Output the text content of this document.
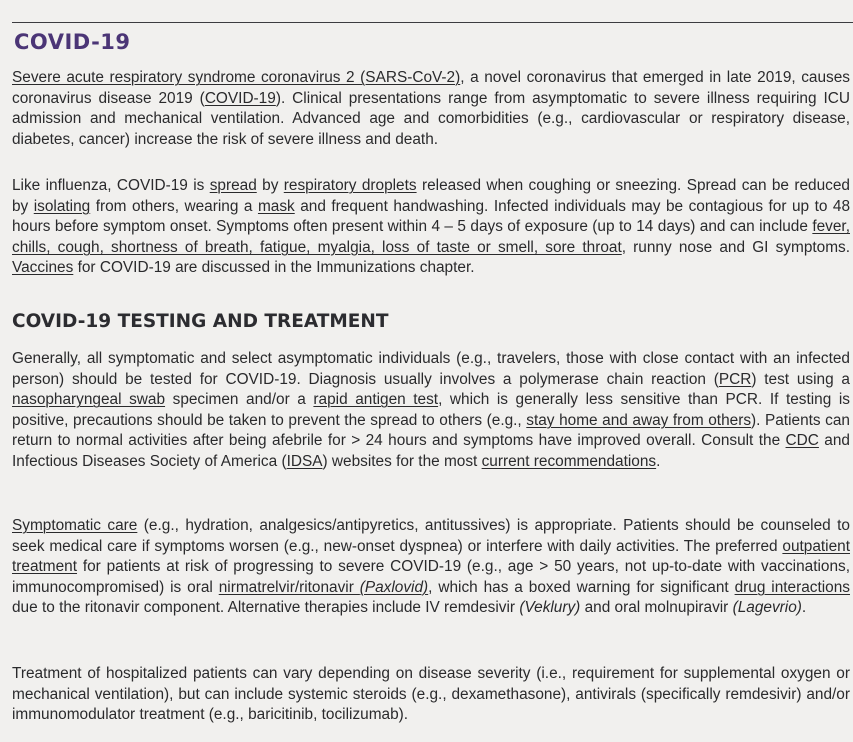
COVID-19

Severe acute respiratory syndrome coronavirus 2 (SARS-CoV-2), a novel coronavirus that emerged in late 2019, causes coronavirus disease 2019 (COVID-19). Clinical presentations range from asymptomatic to severe illness requiring ICU admission and mechanical ventilation. Advanced age and comorbidities (e.g., cardiovascular or respiratory disease, diabetes, cancer) increase the risk of severe illness and death.

Like influenza, COVID-19 is spread by respiratory droplets released when coughing or sneezing. Spread can be reduced by isolating from others, wearing a mask and frequent handwashing. Infected individuals may be contagious for up to 48 hours before symptom onset. Symptoms often present within 4 – 5 days of exposure (up to 14 days) and can include fever, chills, cough, shortness of breath, fatigue, myalgia, loss of taste or smell, sore throat, runny nose and GI symptoms. Vaccines for COVID-19 are discussed in the Immunizations chapter.

COVID-19 TESTING AND TREATMENT

Generally, all symptomatic and select asymptomatic individuals (e.g., travelers, those with close contact with an infected person) should be tested for COVID-19. Diagnosis usually involves a polymerase chain reaction (PCR) test using a nasopharyngeal swab specimen and/or a rapid antigen test, which is generally less sensitive than PCR. If testing is positive, precautions should be taken to prevent the spread to others (e.g., stay home and away from others). Patients can return to normal activities after being afebrile for > 24 hours and symptoms have improved overall. Consult the CDC and Infectious Diseases Society of America (IDSA) websites for the most current recommendations.

Symptomatic care (e.g., hydration, analgesics/antipyretics, antitussives) is appropriate. Patients should be counseled to seek medical care if symptoms worsen (e.g., new-onset dyspnea) or interfere with daily activities. The preferred outpatient treatment for patients at risk of progressing to severe COVID-19 (e.g., age > 50 years, not up-to-date with vaccinations, immunocompromised) is oral nirmatrelvir/ritonavir (Paxlovid), which has a boxed warning for significant drug interactions due to the ritonavir component. Alternative therapies include IV remdesivir (Veklury) and oral molnupiravir (Lagevrio).

Treatment of hospitalized patients can vary depending on disease severity (i.e., requirement for supplemental oxygen or mechanical ventilation), but can include systemic steroids (e.g., dexamethasone), antivirals (specifically remdesivir) and/or immunomodulator treatment (e.g., baricitinib, tocilizumab).
